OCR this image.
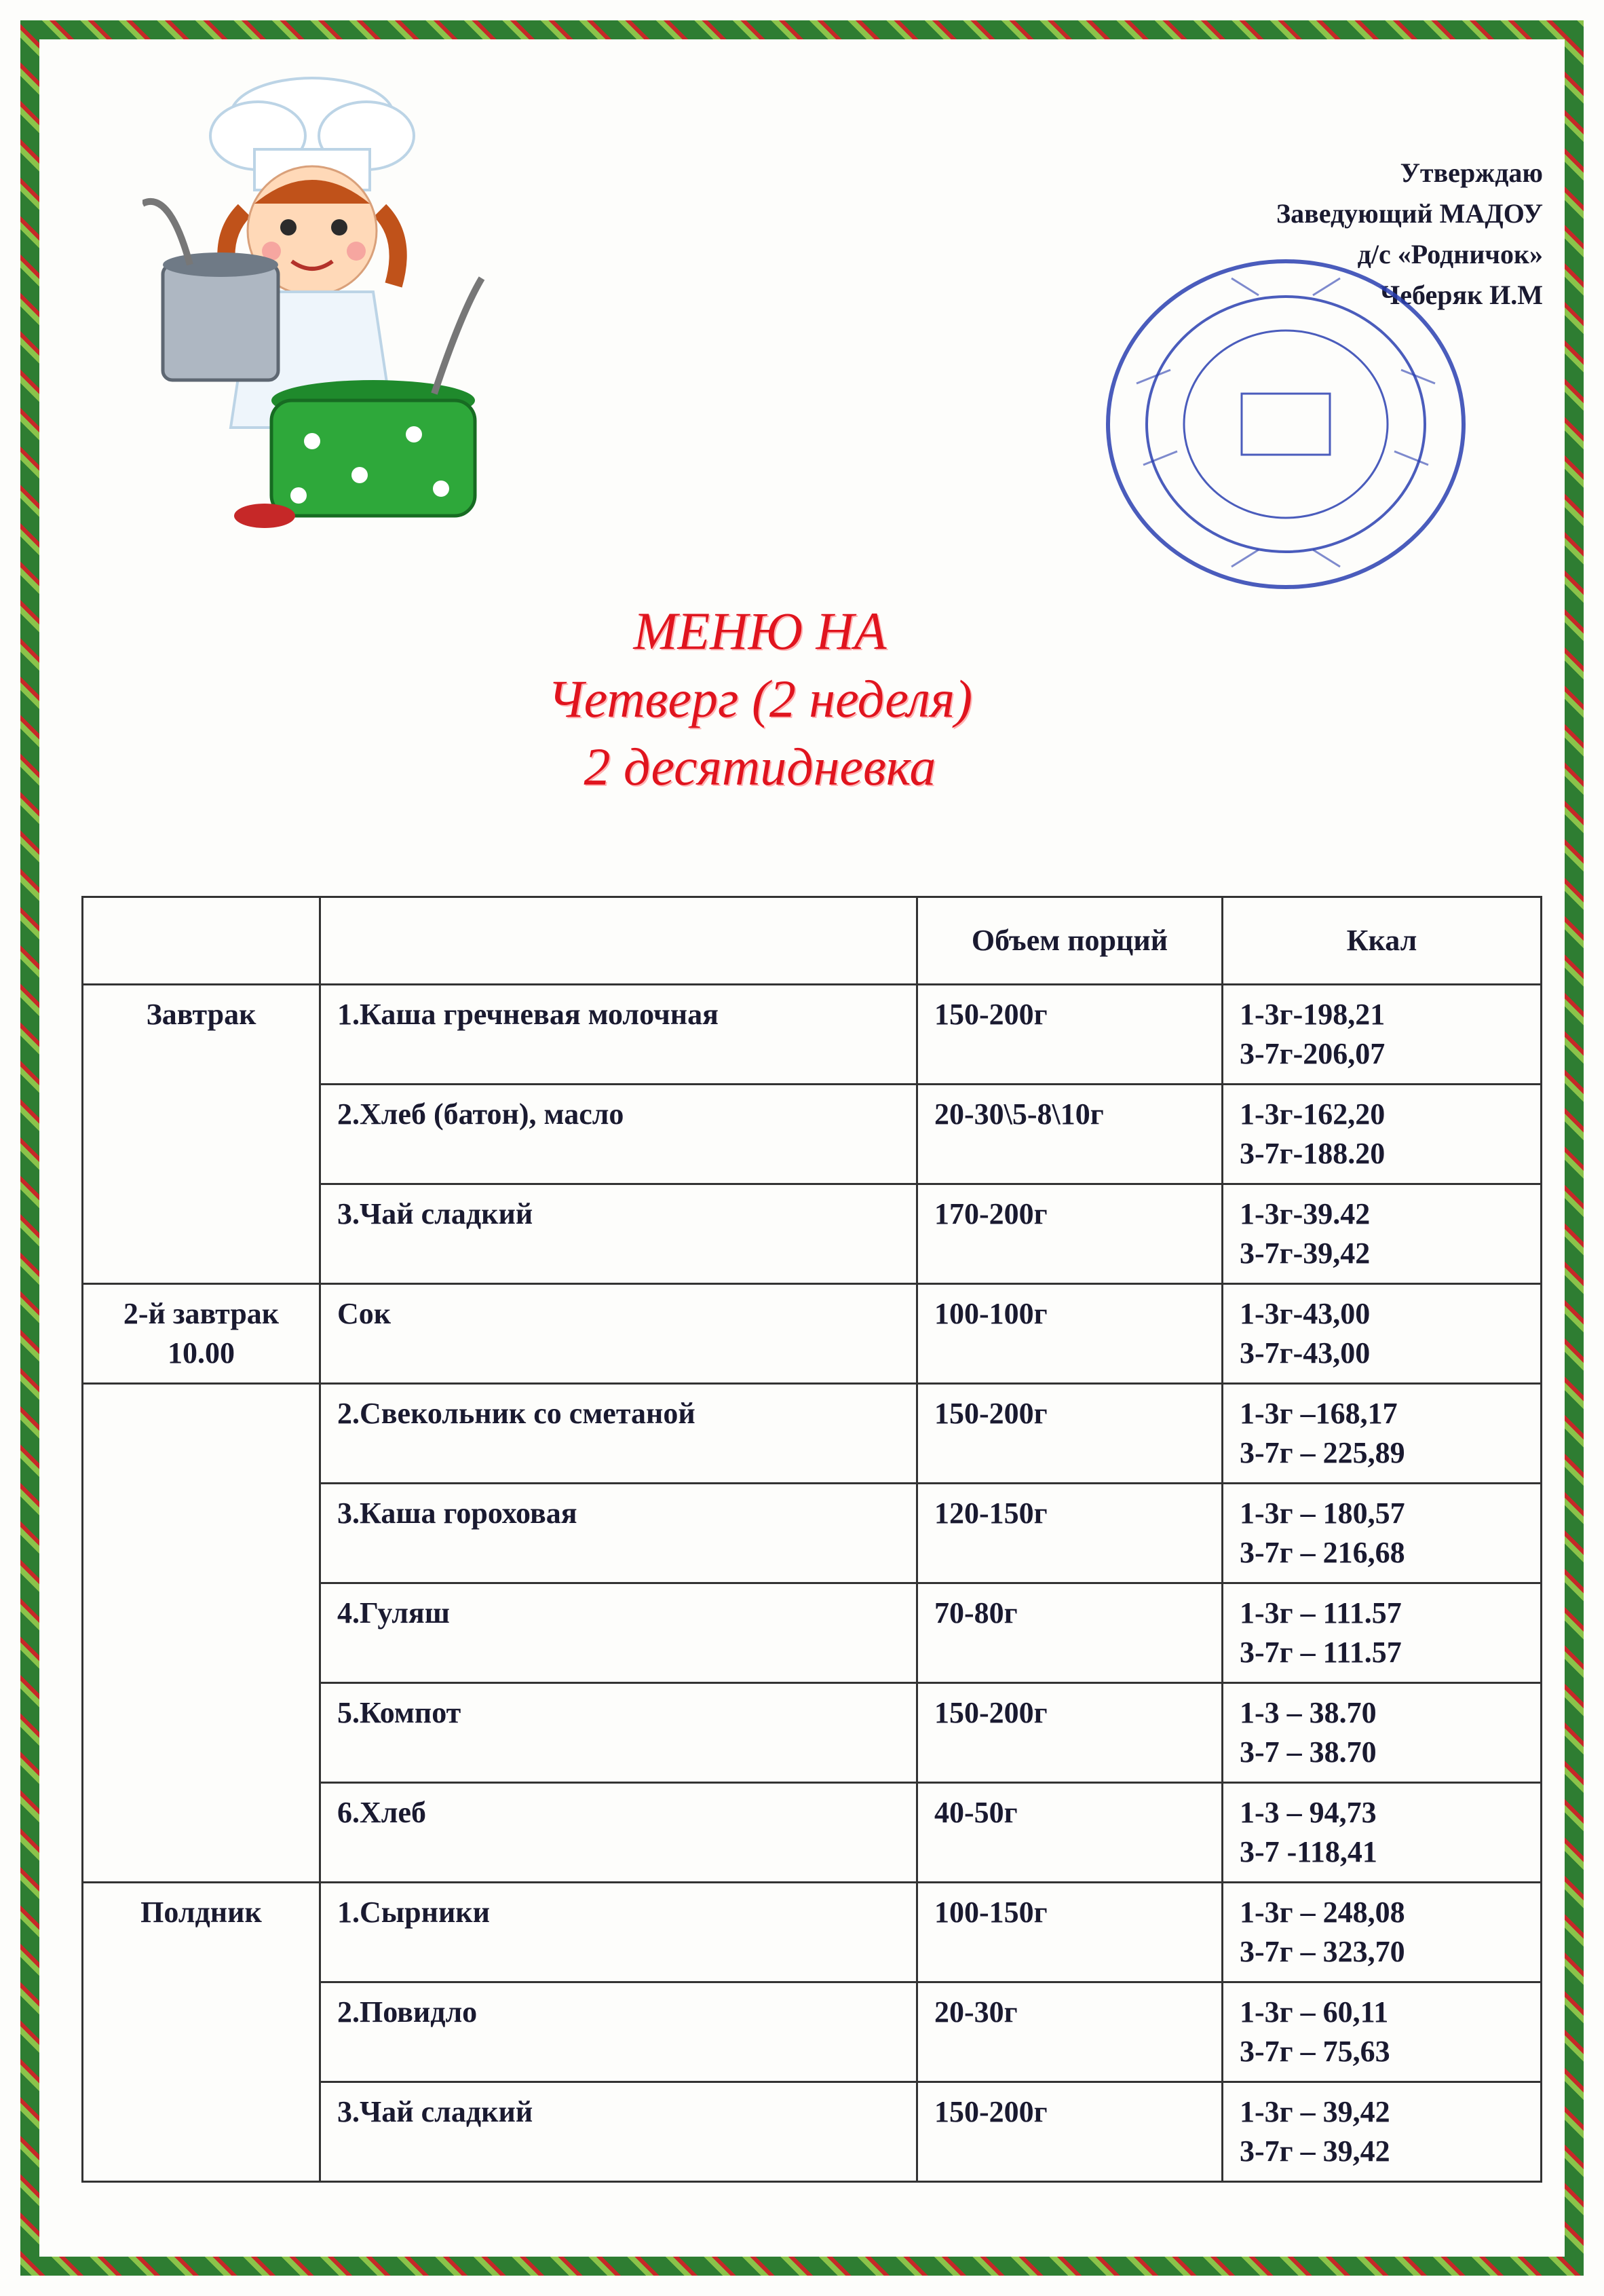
Утверждаю
Заведующий МАДОУ
д/с «Родничок»
Чеберяк И.М
МЕНЮ НА
Четверг (2 неделя)
2 десятидневка
		Объем порций	Ккал
Завтрак	1.Каша гречневая молочная	150-200г	1-3г-198,21
3-7г-206,07

	2.Хлеб (батон), масло	20-30\5-8\10г	1-3г-162,20
3-7г-188.20

	3.Чай сладкий	170-200г	1-3г-39.42
3-7г-39,42

2-й завтрак 10.00	Сок	100-100г	1-3г-43,00
3-7г-43,00

	2.Свекольник со сметаной	150-200г	1-3г –168,17
3-7г – 225,89

	3.Каша гороховая	120-150г	1-3г – 180,57
3-7г – 216,68

	4.Гуляш	70-80г	1-3г – 111.57
3-7г – 111.57

	5.Компот	150-200г	1-3 – 38.70
3-7 – 38.70

	6.Хлеб	40-50г	1-3 – 94,73
3-7 -118,41

Полдник	1.Сырники	100-150г	1-3г – 248,08
3-7г – 323,70

	2.Повидло	20-30г	1-3г – 60,11
3-7г – 75,63

	3.Чай сладкий	150-200г	1-3г – 39,42
3-7г – 39,42
